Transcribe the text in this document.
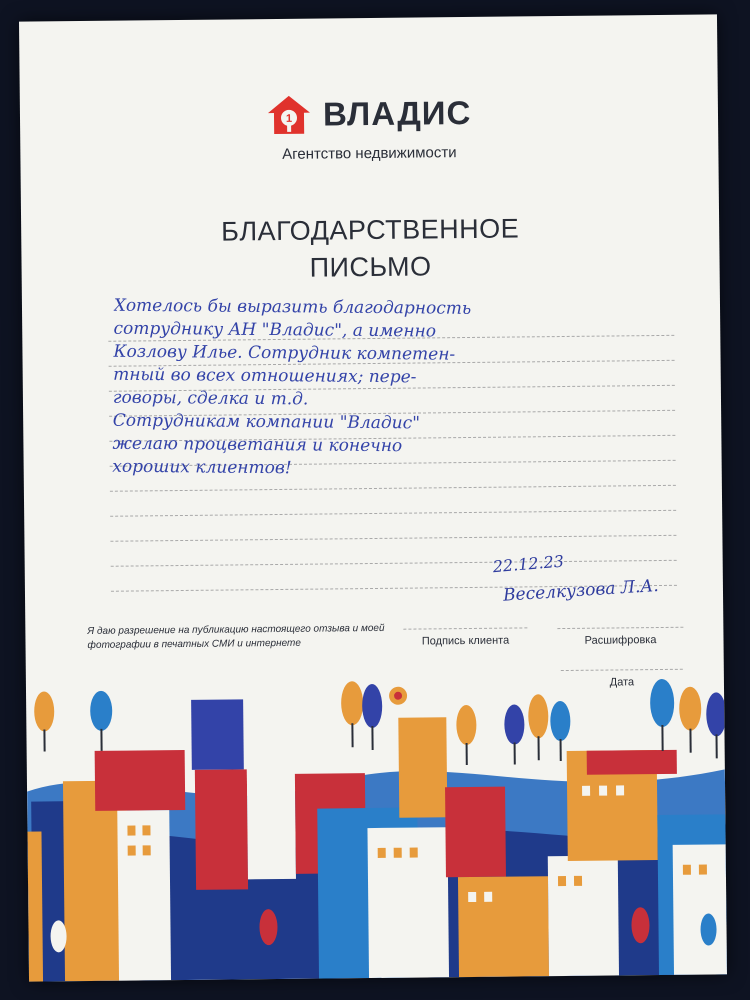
1 ВЛАДИС
Агентство недвижимости
БЛАГОДАРСТВЕННОЕ
ПИСЬМО
Хотелось бы выразить благодарность
сотруднику АН "Владис", а именно
Козлову Илье. Сотрудник компетен-
тный во всех отношениях; пере-
говоры, сделка и т.д.
Сотрудникам компании "Владис"
желаю процветания и конечно
хороших клиентов!
22.12.23
Веселкузова Л.А.
Я даю разрешение на публикацию настоящего отзыва и моей фотографии в печатных СМИ и интернете	Подпись клиента	Расшифровка
Дата
